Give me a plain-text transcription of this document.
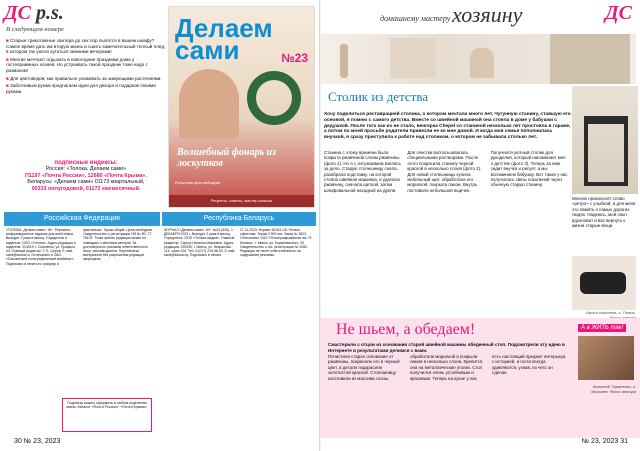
ДС p.s.
В следующем номере

■ Старые трикотажные свитера до сих пор пылятся в вашем шкафу? Самое время дать им вторую жизнь и сшить замечательный теплый плед, в котором так уютно кутаться зимними вечерами!

■ Многие мечтают отдыхать в новогодние праздники дома у гостеприимных хозяев. Но устраивать такой праздник тоже надо с размахом!

■ Для цветоводов: как правильно ухаживать за зимующими растениями.

■ Заботливым рукам предлагаем идеи для декора и подарков своими руками.

подписные индексы:
Россия: «Толока. Делаем сами»
П1197 «Почта России», 12680 «Почта Крыма».
Беларусь: «Делаем сами» 01173 квартальный,
00333 полугодовой, 01172 ежемесячный.
Делаем сами	№23
Волшебный фонарь из лоскутков
Розничная цена свободная
Рецепты, советы, мастер-классы
Российская Федерация	Республика Беларусь
«ТОЛОКА. Делаем сами» 16+. Рекламно-информационное издание для всей семьи. Выходит 2 раза в месяц. Учредитель и издатель: ООО «Толока». Адрес редакции и издателя: 214019, г. Смоленск, ул. Урицкого, 44. Главный редактор: Т. Е. Сыров. E-mail: sami@toloka.ru. Отпечатано в ОАО «Смоленский полиграфический комбинат». Подписано в печать по графику и фактически. Тираж общий. Цена свободная. Свидетельство о регистрации ПИ № ФС 77-76102. Точка зрения редакции может не совпадать с мнением авторов. За достоверность рекламы ответственность несут рекламодатели. Перепечатка материалов без разрешения редакции запрещена.
ЖУРНАЛ «Делаем сами» 16+. №23 (506), 1 ДЕКАБРЯ 2023 г. Выходит 2 раза в месяц. Учредитель: ООО «Толока-медиа». Главный редактор: Сарчук Наталья Ивановна. Адрес редакции: 220040, г. Минск, ул. Некрасова, 114, офис 316. Тел. 8 (017) 215-68-33. E-mail: sami@toloka.by. Подписано в печать 27.11.2023. Формат 60×84 1/8. Печать офсетная. Тираж 3 900 экз. Заказ № 3523. Отпечатано: ОАО «Полиграфкомбинат им. Я. Коласа», г. Минск, ул. Корженевского, 20. Свидетельство о гос. регистрации № 1080. Редакция не несет ответственности за содержание рекламы.
Подписку можно оформить в любом отделении связи. Каталог «Почта России», «Почта Крыма».
30 № 23, 2023
домашнему мастеру хозяину	ДС
Столик из детства
Хочу поделиться реставрацией столика, о котором мечтала много лет. Чугунную станину, ставшую его основой, я помню с самого детства. Вместе со швейной машиной она стояла в доме у бабушки с дедушкой. После того как их не стало, венгерка Chepel со станиной несколько лет простояла в гараже, а потом по моей просьбе родители привезли ее ко мне домой. И когда моя семья пополнилась внучкой, я сразу приступила к работе над столиком, о котором не забывала столько лет.
Станина с этому времени была покрыта ржавчиной слоем ржавчины (фото 1). Но я с энтузиазмом взялась за дело. Старую столешницу сняла, разобрала подставку, на которой стояла швейная машинка, и удалила ржавчину, сначала щеткой, затем шлифовальной насадкой на дрели. Для очистки воспользовалась специальными растворами. После этого покрасила станину черной краской в несколько слоев (фото 2). Для новой столешницы купила мебельный щит, обработала его морилкой, покрыла лаком. Внутрь поставила небольшой ящичек. Получился уютный столик для рукоделия, который напоминает мне о детстве (фото 3). Теперь за ним сидит внучка и рисует, а мы вспоминаем бабушку. Вот такая у нас получилась связь поколений через обычную старую станину.
Многие произносят слово «ретро» с улыбкой, а для меня это память о самых дорогих людях. Надеюсь, мой опыт вдохновит и вас вернуть к жизни старые вещи.
Ирина Ковалева, г. Пермь.
Не шьем, а обедаем!
Смастерили с отцом из основания старой швейной машины обеденный стол. Подсмотрели эту идею в Интернете и результатами делимся с вами.
Почистили старое основание от ржавчины, покрасили его в черный цвет, а детали подкрасили золотистой краской. Столешницу изготовили из массива сосны, обработали морилкой и покрыли лаком в несколько слоев. Крепится она на металлические уголки. Стол получился очень устойчивым и красивым. Теперь на кухне у нас есть настоящий предмет интерьера с историей, и гости всегда удивляются, узнав, из чего он сделан.
А в ЖИТЬ так!
Виталий Тарасенко, г. Могилев. Фото автора
№ 23, 2023 31
